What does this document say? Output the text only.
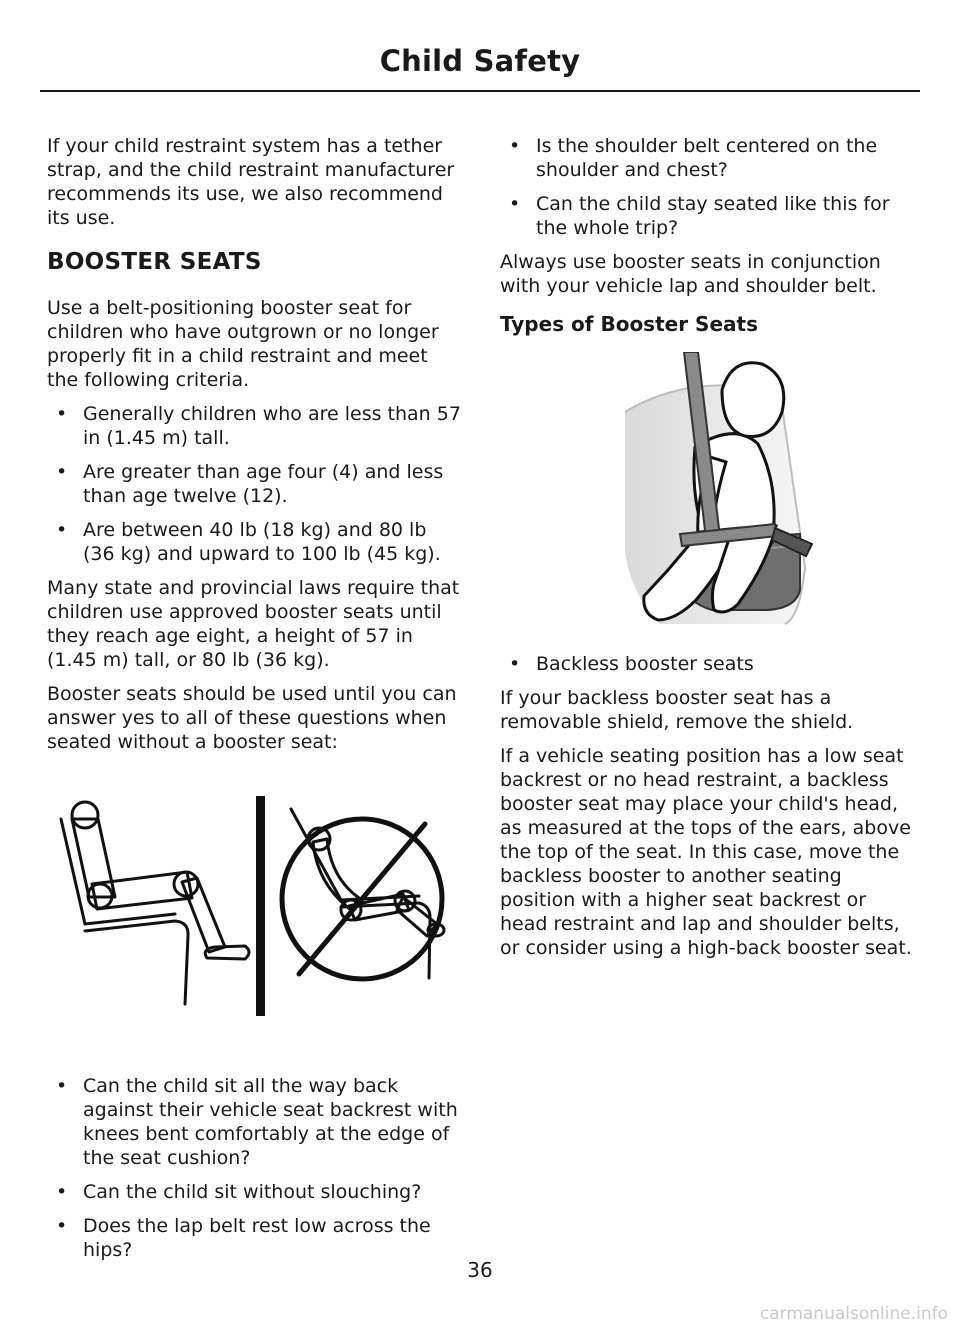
Child Safety

If your child restraint system has a tether strap, and the child restraint manufacturer recommends its use, we also recommend its use.

BOOSTER SEATS

Use a belt-positioning booster seat for children who have outgrown or no longer properly fit in a child restraint and meet the following criteria.

• Generally children who are less than 57 in (1.45 m) tall.
• Are greater than age four (4) and less than age twelve (12).
• Are between 40 lb (18 kg) and 80 lb (36 kg) and upward to 100 lb (45 kg).

Many state and provincial laws require that children use approved booster seats until they reach age eight, a height of 57 in (1.45 m) tall, or 80 lb (36 kg).

Booster seats should be used until you can answer yes to all of these questions when seated without a booster seat:

• Can the child sit all the way back against their vehicle seat backrest with knees bent comfortably at the edge of the seat cushion?
• Can the child sit without slouching?
• Does the lap belt rest low across the hips?
• Is the shoulder belt centered on the shoulder and chest?
• Can the child stay seated like this for the whole trip?

Always use booster seats in conjunction with your vehicle lap and shoulder belt.

Types of Booster Seats
• Backless booster seats

If your backless booster seat has a removable shield, remove the shield.

If a vehicle seating position has a low seat backrest or no head restraint, a backless booster seat may place your child's head, as measured at the tops of the ears, above the top of the seat. In this case, move the backless booster to another seating position with a higher seat backrest or head restraint and lap and shoulder belts, or consider using a high-back booster seat.

36
carmanualsonline.info
